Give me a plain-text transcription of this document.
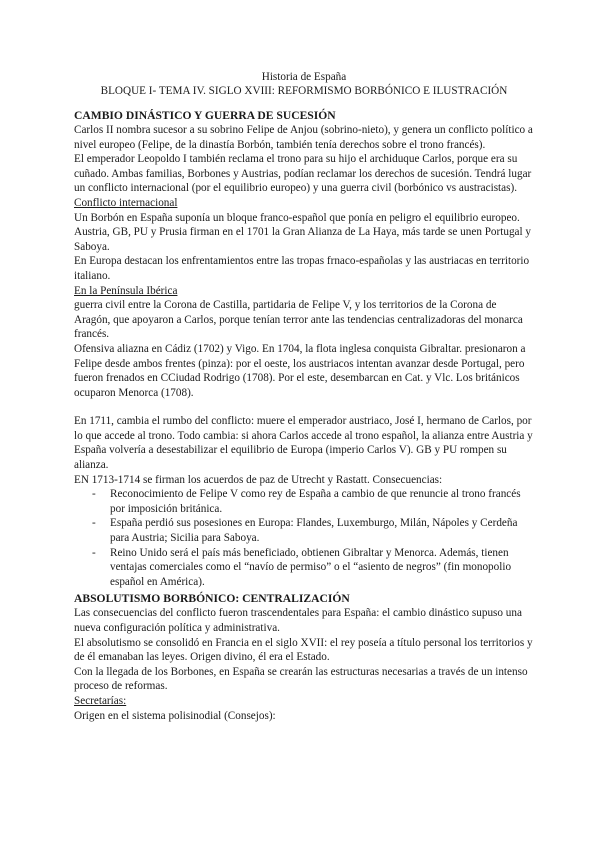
Historia de España
BLOQUE I- TEMA IV. SIGLO XVIII: REFORMISMO BORBÓNICO E ILUSTRACIÓN
CAMBIO DINÁSTICO Y GUERRA DE SUCESIÓN

Carlos II nombra sucesor a su sobrino Felipe de Anjou (sobrino-nieto), y genera un conflicto político a nivel europeo (Felipe, de la dinastía Borbón, también tenía derechos sobre el trono francés).

El emperador Leopoldo I también reclama el trono para su hijo el archiduque Carlos, porque era su cuñado. Ambas familias, Borbones y Austrias, podían reclamar los derechos de sucesión. Tendrá lugar un conflicto internacional (por el equilibrio europeo) y una guerra civil (borbónico vs austracistas).

Conflicto internacional

Un Borbón en España suponía un bloque franco-español que ponía en peligro el equilibrio europeo. Austria, GB, PU y Prusia firman en el 1701 la Gran Alianza de La Haya, más tarde se unen Portugal y Saboya.

En Europa destacan los enfrentamientos entre las tropas frnaco-españolas y las austriacas en territorio italiano.

En la Península Ibérica

guerra civil entre la Corona de Castilla, partidaria de Felipe V, y los territorios de la Corona de Aragón, que apoyaron a Carlos, porque tenían terror ante las tendencias centralizadoras del monarca francés.

Ofensiva aliazna en Cádiz (1702) y Vigo. En 1704, la flota inglesa conquista Gibraltar. presionaron a Felipe desde ambos frentes (pinza): por el oeste, los austriacos intentan avanzar desde Portugal, pero fueron frenados en CCiudad Rodrigo (1708). Por el este, desembarcan en Cat. y Vlc. Los británicos ocuparon Menorca (1708).

En 1711, cambia el rumbo del conflicto: muere el emperador austriaco, José I, hermano de Carlos, por lo que accede al trono. Todo cambia: si ahora Carlos accede al trono español, la alianza entre Austria y España volvería a desestabilizar el equilibrio de Europa (imperio Carlos V). GB y PU rompen su alianza.

EN 1713-1714 se firman los acuerdos de paz de Utrecht y Rastatt. Consecuencias:

- Reconocimiento de Felipe V como rey de España a cambio de que renuncie al trono francés por imposición británica.
- España perdió sus posesiones en Europa: Flandes, Luxemburgo, Milán, Nápoles y Cerdeña para Austria; Sicilia para Saboya.
- Reino Unido será el país más beneficiado, obtienen Gibraltar y Menorca. Además, tienen ventajas comerciales como el “navío de permiso” o el “asiento de negros” (fin monopolio español en América).
ABSOLUTISMO BORBÓNICO: CENTRALIZACIÓN

Las consecuencias del conflicto fueron trascendentales para España: el cambio dinástico supuso una nueva configuración política y administrativa.

El absolutismo se consolidó en Francia en el siglo XVII: el rey poseía a título personal los territorios y de él emanaban las leyes. Origen divino, él era el Estado.

Con la llegada de los Borbones, en España se crearán las estructuras necesarias a través de un intenso proceso de reformas.

Secretarías:

Origen en el sistema polisinodial (Consejos):
